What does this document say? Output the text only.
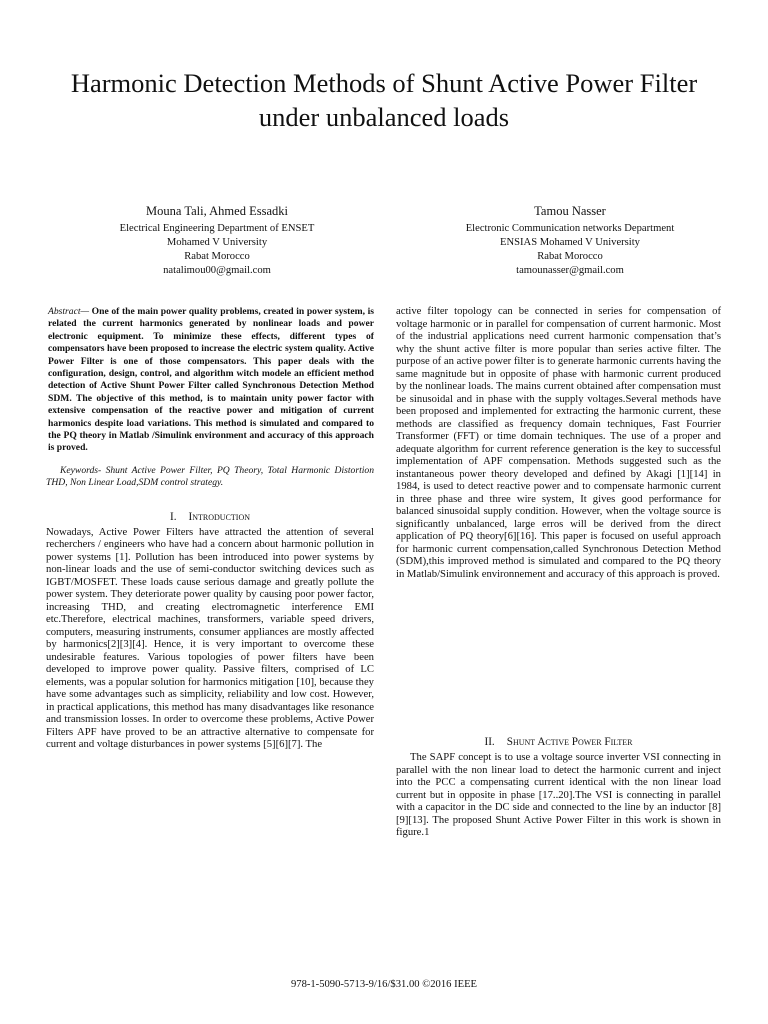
Harmonic Detection Methods of Shunt Active Power Filter under unbalanced loads
Mouna Tali, Ahmed Essadki
Electrical Engineering Department of ENSET
Mohamed V University
Rabat Morocco
natalimou00@gmail.com
Tamou Nasser
Electronic Communication networks Department
ENSIAS Mohamed V University
Rabat Morocco
tamounasser@gmail.com

Abstract— One of the main power quality problems, created in power system, is related the current harmonics generated by nonlinear loads and power electronic equipment. To minimize these effects, different types of compensators have been proposed to increase the electric system quality. Active Power Filter is one of those compensators. This paper deals with the configuration, design, control, and algorithm witch modele an efficient method detection of Active Shunt Power Filter called Synchronous Detection Method SDM. The objective of this method, is to maintain unity power factor with extensive compensation of the reactive power and mitigation of current harmonics despite load variations. This method is simulated and compared to the PQ theory in Matlab /Simulink environment and accuracy of this approach is proved.

Keywords- Shunt Active Power Filter, PQ Theory, Total Harmonic Distortion THD, Non Linear Load,SDM control strategy.

I. Introduction

Nowadays, Active Power Filters have attracted the attention of several recherchers / engineers who have had a concern about harmonic pollution in power systems [1]. Pollution has been introduced into power systems by non-linear loads and the use of semi-conductor switching devices such as IGBT/MOSFET. These loads cause serious damage and greatly pollute the power system. They deteriorate power quality by causing poor power factor, increasing THD, and creating electromagnetic interference EMI etc.Therefore, electrical machines, transformers, variable speed drivers, computers, measuring instruments, consumer appliances are mostly affected by harmonics[2][3][4]. Hence, it is very important to overcome these undesirable features. Various topologies of power filters have been developed to improve power quality. Passive filters, comprised of LC elements, was a popular solution for harmonics mitigation [10], because they have some advantages such as simplicity, reliability and low cost. However, in practical applications, this method has many disadvantages like resonance and transmission losses. In order to overcome these problems, Active Power Filters APF have proved to be an attractive alternative to compensate for current and voltage disturbances in power systems [5][6][7]. The

active filter topology can be connected in series for compensation of voltage harmonic or in parallel for compensation of current harmonic. Most of the industrial applications need current harmonic compensation that’s why the shunt active filter is more popular than series active filter. The purpose of an active power filter is to generate harmonic currents having the same magnitude but in opposite of phase with harmonic current produced by the nonlinear loads. The mains current obtained after compensation must be sinusoidal and in phase with the supply voltages.Several methods have been proposed and implemented for extracting the harmonic current, these methods are classified as frequency domain techniques, Fast Fourrier Transformer (FFT) or time domain techniques. The use of a proper and adequate algorithm for current reference generation is the key to successful implementation of APF compensation. Methods suggested such as the instantaneous power theory developed and defined by Akagi [1][14] in 1984, is used to detect reactive power and to compensate harmonic current in three phase and three wire system, It gives good performance for balanced sinusoidal supply condition. However, when the voltage source is significantly unbalanced, large erros will be derived from the direct application of PQ theory[6][16]. This paper is focused on useful approach for harmonic current compensation,called Synchronous Detection Method (SDM),this improved method is simulated and compared to the PQ theory in Matlab/Simulink environnement and accuracy of this approach is proved.

II. Shunt Active Power Filter

The SAPF concept is to use a voltage source inverter VSI connecting in parallel with the non linear load to detect the harmonic current and inject into the PCC a compensating current identical with the non linear load current but in opposite in phase [17..20].The VSI is connecting in parallel with a capacitor in the DC side and connected to the line by an inductor [8][9][13]. The proposed Shunt Active Power Filter in this work is shown in figure.1

978-1-5090-5713-9/16/$31.00 ©2016 IEEE
